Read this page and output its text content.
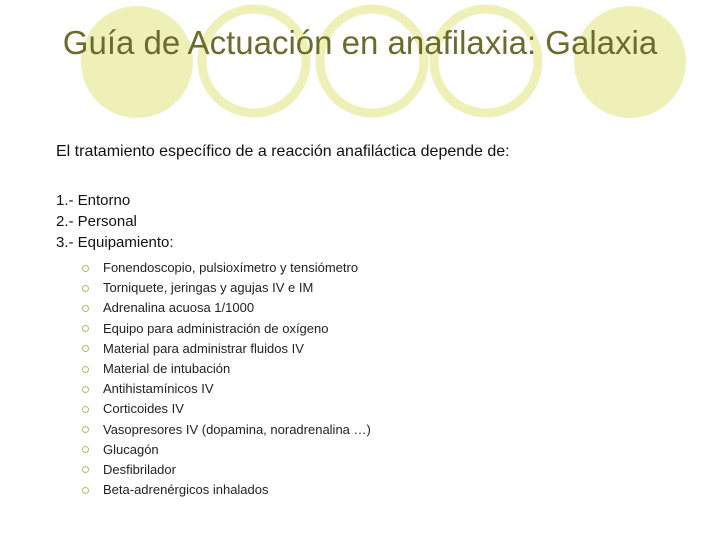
Guía de Actuación en anafilaxia: Galaxia
El tratamiento específico de a reacción anafiláctica depende de:
1.- Entorno
2.- Personal
3.- Equipamiento:
Fonendoscopio, pulsioxímetro y tensiómetro
Torniquete, jeringas y agujas IV e IM
Adrenalina acuosa 1/1000
Equipo para administración de oxígeno
Material para administrar fluidos IV
Material de intubación
Antihistamínicos IV
Corticoides IV
Vasopresores IV (dopamina, noradrenalina …)
Glucagón
Desfibrilador
Beta-adrenérgicos inhalados
